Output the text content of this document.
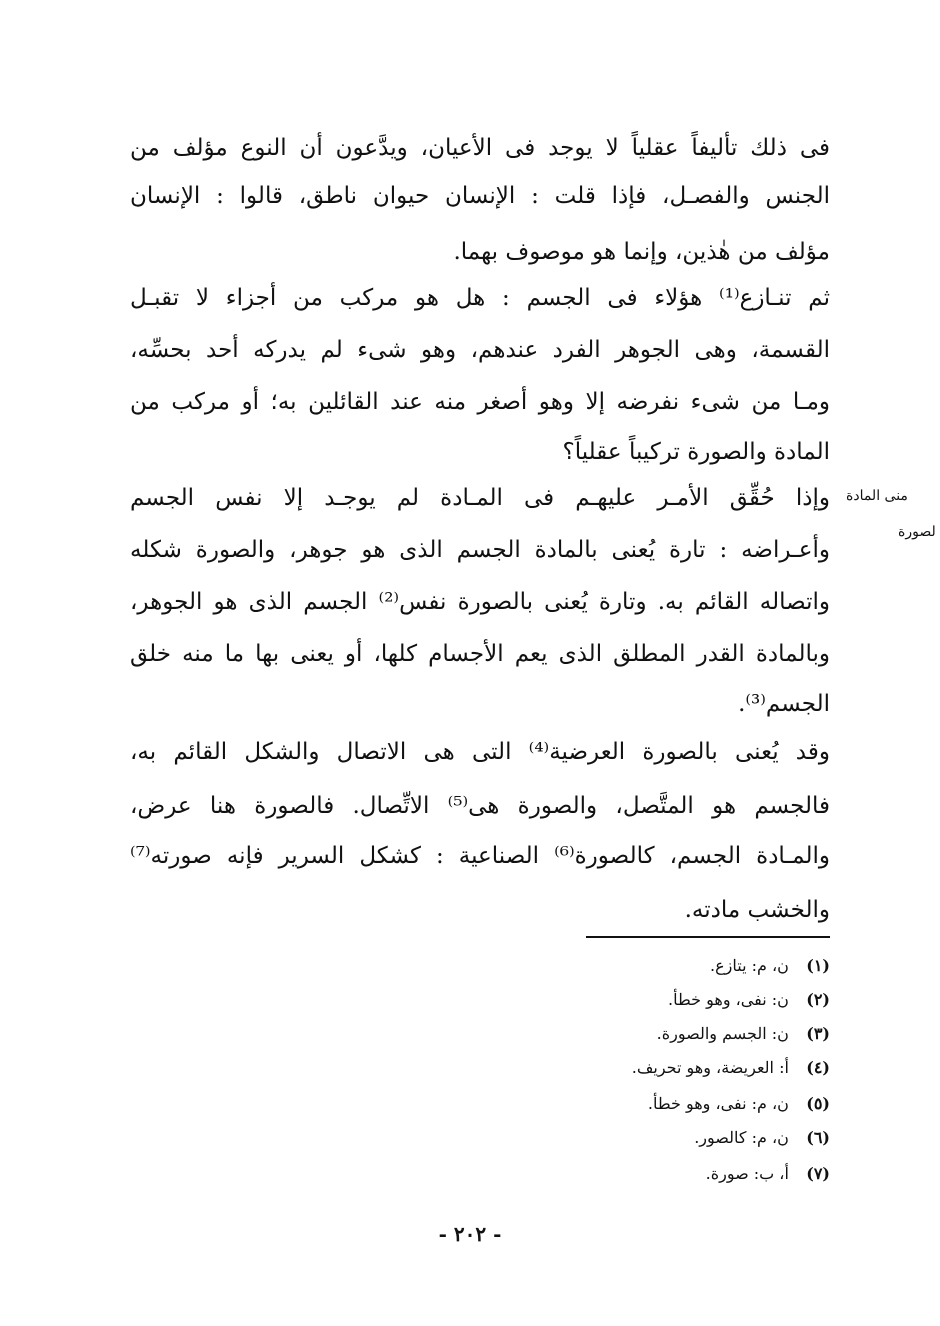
فى ذلك تأليفاً عقلياً لا يوجد فى الأعيان، ويدَّعون أن النوع مؤلف من
الجنس والفصـل، فإذا قلت : الإنسان حيوان ناطق، قالوا : الإنسان
مؤلف من هٰذين، وإنما هو موصوف بهما.
ثم تنـازع⁽¹⁾ هؤلاء فى الجسم : هل هو مركب من أجزاء لا تقبـل
القسمة، وهى الجوهر الفرد عندهم، وهو شىء لم يدركه أحد بحسِّه،
ومـا من شىء نفرضه إلا وهو أصغر منه عند القائلين به؛ أو مركب من
المادة والصورة تركيباً عقلياً؟
وإذا حُقِّق الأمـر عليهـم فى المـادة لم يوجـد إلا نفس الجسم
وأعـراضه : تارة يُعنى بالمادة الجسم الذى هو جوهر، والصورة شكله
واتصاله القائم به. وتارة يُعنى بالصورة نفس⁽²⁾ الجسم الذى هو الجوهر،
وبالمادة القدر المطلق الذى يعم الأجسام كلها، أو يعنى بها ما منه خلق
الجسم⁽³⁾.
وقد يُعنى بالصورة العرضية⁽⁴⁾ التى هى الاتصال والشكل القائم به،
فالجسم هو المتَّصل، والصورة هى⁽⁵⁾ الاتِّصال. فالصورة هنا عرض،
والمـادة الجسم، كالصورة⁽⁶⁾ الصناعية : كشكل السرير فإنه صورته⁽⁷⁾
والخشب مادته.
منى المادة
لصورة
(١) ن، م: يتازع.
(٢) ن: نفى، وهو خطأ.
(٣) ن: الجسم والصورة.
(٤) أ: العريضة، وهو تحريف.
(٥) ن، م: نفى، وهو خطأ.
(٦) ن، م: كالصور.
(٧) أ، ب: صورة.
- ٢٠٢ -
